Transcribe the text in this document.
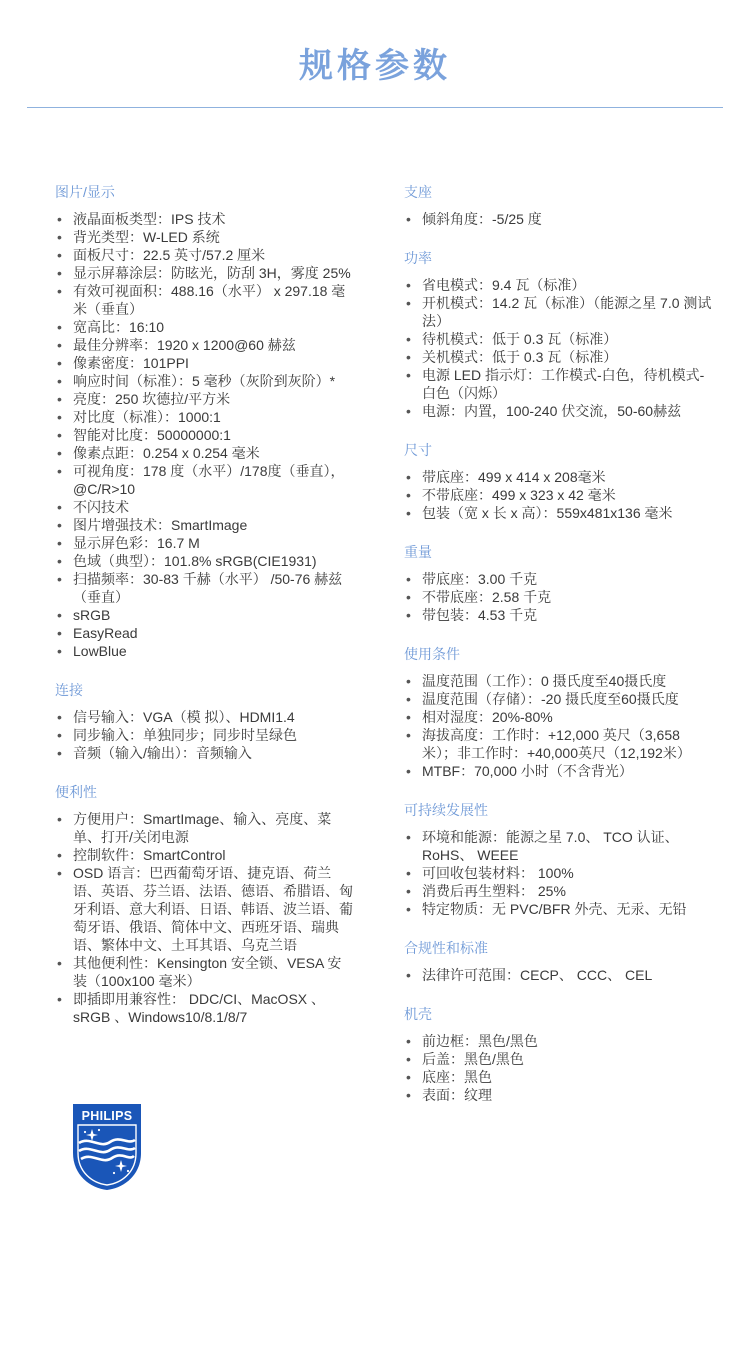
规格参数
图片/显示
• 液晶面板类型：IPS 技术
• 背光类型：W-LED 系统
• 面板尺寸：22.5 英寸/57.2 厘米
• 显示屏幕涂层：防眩光，防刮 3H，雾度 25%
• 有效可视面积：488.16（水平） x 297.18 毫米（垂直）
• 宽高比：16:10
• 最佳分辨率：1920 x 1200@60 赫兹
• 像素密度：101PPI
• 响应时间（标准）：5 毫秒（灰阶到灰阶）*
• 亮度：250 坎德拉/平方米
• 对比度（标准）：1000:1
• 智能对比度：50000000:1
• 像素点距：0.254 x 0.254 毫米
• 可视角度：178 度（水平）/178度（垂直），@C/R>10
• 不闪技术
• 图片增强技术：SmartImage
• 显示屏色彩：16.7 M
• 色域（典型）：101.8% sRGB(CIE1931)
• 扫描频率：30-83 千赫（水平） /50-76 赫兹（垂直）
• sRGB
• EasyRead
• LowBlue
连接
• 信号输入：VGA（模 拟）、HDMI1.4
• 同步输入：单独同步；同步时呈绿色
• 音频（输入/输出）：音频输入
便利性
• 方便用户：SmartImage、输入、亮度、菜单、打开/关闭电源
• 控制软件：SmartControl
• OSD 语言：巴西葡萄牙语、捷克语、荷兰语、英语、芬兰语、法语、德语、希腊语、匈牙利语、意大利语、日语、韩语、波兰语、葡萄牙语、俄语、简体中文、西班牙语、瑞典语、繁体中文、土耳其语、乌克兰语
• 其他便利性：Kensington 安全锁、VESA 安装（100x100 毫米）
• 即插即用兼容性： DDC/CI、MacOSX 、sRGB 、Windows10/8.1/8/7
支座
• 倾斜角度：-5/25 度
功率
• 省电模式：9.4 瓦（标准）
• 开机模式：14.2 瓦（标准）（能源之星 7.0 测试法）
• 待机模式：低于 0.3 瓦（标准）
• 关机模式：低于 0.3 瓦（标准）
• 电源 LED 指示灯：工作模式-白色，待机模式-白色（闪烁）
• 电源：内置，100-240 伏交流，50-60赫兹
尺寸
• 带底座：499 x 414 x 208毫米
• 不带底座：499 x 323 x 42 毫米
• 包装（宽 x 长 x 高）：559x481x136 毫米
重量
• 带底座：3.00 千克
• 不带底座：2.58 千克
• 带包装：4.53 千克
使用条件
• 温度范围（工作）：0 摄氏度至40摄氏度
• 温度范围（存储）：-20 摄氏度至60摄氏度
• 相对湿度：20%-80%
• 海拔高度：工作时：+12,000 英尺（3,658 米）；非工作时：+40,000英尺（12,192米）
• MTBF：70,000 小时（不含背光）
可持续发展性
• 环境和能源：能源之星 7.0、 TCO 认证、 RoHS、 WEEE
• 可回收包装材料： 100%
• 消费后再生塑料： 25%
• 特定物质：无 PVC/BFR 外壳、无汞、无铅
合规性和标准
• 法律许可范围：CECP、 CCC、 CEL
机壳
• 前边框：黑色/黑色
• 后盖：黑色/黑色
• 底座：黑色
• 表面：纹理
PHILIPS
